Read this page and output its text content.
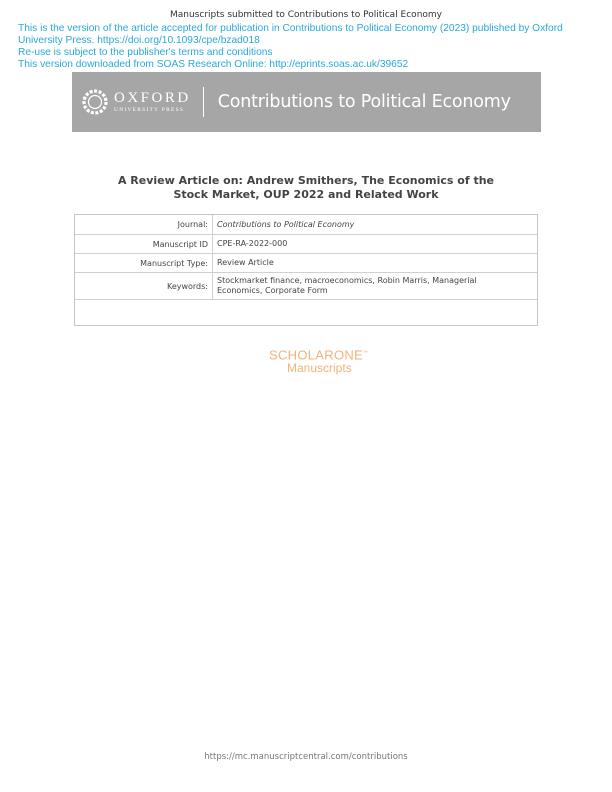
Manuscripts submitted to Contributions to Political Economy
This is the version of the article accepted for publication in Contributions to Political Economy (2023) published by Oxford
University Press. https://doi.org/10.1093/cpe/bzad018
Re-use is subject to the publisher's terms and conditions
This version downloaded from SOAS Research Online: http://eprints.soas.ac.uk/39652
OXFORD
UNIVERSITY PRESS	Contributions to Political Economy
A Review Article on: Andrew Smithers, The Economics of the
Stock Market, OUP 2022 and Related Work
Journal:	Contributions to Political Economy
Manuscript ID	CPE-RA-2022-000
Manuscript Type:	Review Article
Keywords:
Stockmarket finance, macroeconomics, Robin Marris, Managerial
Economics, Corporate Form
SCHOLARONE™
Manuscripts
https://mc.manuscriptcentral.com/contributions
